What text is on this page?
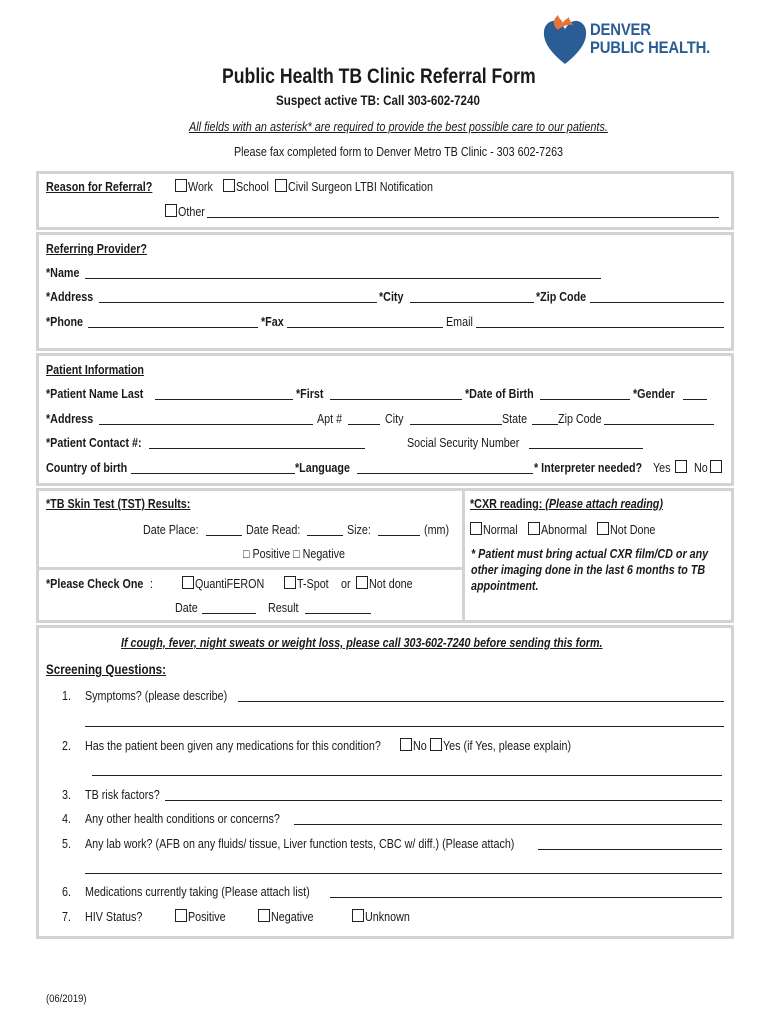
DENVER
PUBLIC HEALTH.
Public Health TB Clinic Referral Form
Suspect active TB: Call 303-602-7240
All fields with an asterisk* are required to provide the best possible care to our patients.
Please fax completed form to Denver Metro TB Clinic - 303 602-7263
Reason for Referral?	Work School Civil Surgeon LTBI Notification
Other
Referring Provider?
*Name
*Address	*City	*Zip Code
*Phone	*Fax	Email
Patient Information
*Patient Name Last	*First	*Date of Birth	*Gender
*Address	Apt #	City	State Zip Code
*Patient Contact #:	Social Security Number
Country of birth	*Language	* Interpreter needed? Yes No
*TB Skin Test (TST) Results:
Date Place:	Date Read:	Size:	(mm)
□ Positive □ Negative
*Please Check One :	QuantiFERON	T-Spot or Not done
Date	Result
*CXR reading: (Please attach reading)
Normal Abnormal Not Done
* Patient must bring actual CXR film/CD or any
other imaging done in the last 6 months to TB
appointment.
If cough, fever, night sweats or weight loss, please call 303-602-7240 before sending this form.
Screening Questions:
1. Symptoms? (please describe)
2. Has the patient been given any medications for this condition?	No Yes (if Yes, please explain)
3. TB risk factors?
4. Any other health conditions or concerns?
5. Any lab work? (AFB on any fluids/ tissue, Liver function tests, CBC w/ diff.) (Please attach)
6. Medications currently taking (Please attach list)
7. HIV Status?	Positive	Negative	Unknown
(06/2019)
